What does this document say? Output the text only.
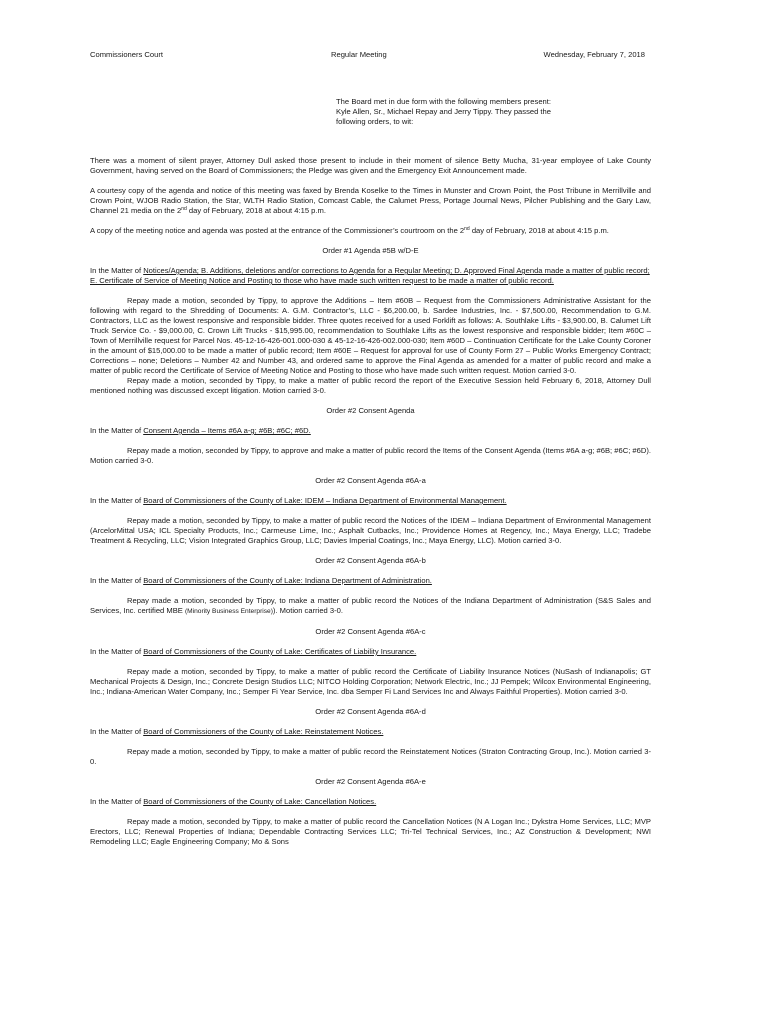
Commissioners Court	Regular Meeting	Wednesday, February 7, 2018
The Board met in due form with the following members present: Kyle Allen, Sr., Michael Repay and Jerry Tippy. They passed the following orders, to wit:

There was a moment of silent prayer, Attorney Dull asked those present to include in their moment of silence Betty Mucha, 31-year employee of Lake County Government, having served on the Board of Commissioners; the Pledge was given and the Emergency Exit Announcement made.

A courtesy copy of the agenda and notice of this meeting was faxed by Brenda Koselke to the Times in Munster and Crown Point, the Post Tribune in Merrillville and Crown Point, WJOB Radio Station, the Star, WLTH Radio Station, Comcast Cable, the Calumet Press, Portage Journal News, Pilcher Publishing and the Gary Law, Channel 21 media on the 2nd day of February, 2018 at about 4:15 p.m.

A copy of the meeting notice and agenda was posted at the entrance of the Commissioner’s courtroom on the 2nd day of February, 2018 at about 4:15 p.m.

Order #1 Agenda #5B w/D-E

In the Matter of Notices/Agenda; B. Additions, deletions and/or corrections to Agenda for a Regular Meeting; D. Approved Final Agenda made a matter of public record; E. Certificate of Service of Meeting Notice and Posting to those who have made such written request to be made a matter of public record.

Repay made a motion, seconded by Tippy, to approve the Additions – Item #60B – Request from the Commissioners Administrative Assistant for the following with regard to the Shredding of Documents: A. G.M. Contractor’s, LLC - $6,200.00, b. Sardee Industries, Inc. - $7,500.00, Recommendation to G.M. Contractors, LLC as the lowest responsive and responsible bidder. Three quotes received for a used Forklift as follows: A. Southlake Lifts - $3,900.00, B. Calumet Lift Truck Service Co. - $9,000.00, C. Crown Lift Trucks - $15,995.00, recommendation to Southlake Lifts as the lowest responsive and responsible bidder; Item #60C – Town of Merrillville request for Parcel Nos. 45-12-16-426-001.000-030 & 45-12-16-426-002.000-030; Item #60D – Continuation Certificate for the Lake County Coroner in the amount of $15,000.00 to be made a matter of public record; Item #60E – Request for approval for use of County Form 27 – Public Works Emergency Contract; Corrections – none; Deletions – Number 42 and Number 43, and ordered same to approve the Final Agenda as amended for a matter of public record and make a matter of public record the Certificate of Service of Meeting Notice and Posting to those who have made such written request. Motion carried 3-0.

Repay made a motion, seconded by Tippy, to make a matter of public record the report of the Executive Session held February 6, 2018, Attorney Dull mentioned nothing was discussed except litigation. Motion carried 3-0.

Order #2 Consent Agenda

In the Matter of Consent Agenda – Items #6A a-g; #6B; #6C; #6D.

Repay made a motion, seconded by Tippy, to approve and make a matter of public record the Items of the Consent Agenda (Items #6A a-g; #6B; #6C; #6D). Motion carried 3-0.

Order #2 Consent Agenda #6A-a

In the Matter of Board of Commissioners of the County of Lake: IDEM – Indiana Department of Environmental Management.

Repay made a motion, seconded by Tippy, to make a matter of public record the Notices of the IDEM – Indiana Department of Environmental Management (ArcelorMittal USA; ICL Specialty Products, Inc.; Carmeuse Lime, Inc.; Asphalt Cutbacks, Inc.; Providence Homes at Regency, Inc.; Maya Energy, LLC; Tradebe Treatment & Recycling, LLC; Vision Integrated Graphics Group, LLC; Davies Imperial Coatings, Inc.; Maya Energy, LLC). Motion carried 3-0.

Order #2 Consent Agenda #6A-b

In the Matter of Board of Commissioners of the County of Lake: Indiana Department of Administration.

Repay made a motion, seconded by Tippy, to make a matter of public record the Notices of the Indiana Department of Administration (S&S Sales and Services, Inc. certified MBE (Minority Business Enterprise)). Motion carried 3-0.

Order #2 Consent Agenda #6A-c

In the Matter of Board of Commissioners of the County of Lake: Certificates of Liability Insurance.

Repay made a motion, seconded by Tippy, to make a matter of public record the Certificate of Liability Insurance Notices (NuSash of Indianapolis; GT Mechanical Projects & Design, Inc.; Concrete Design Studios LLC; NITCO Holding Corporation; Network Electric, Inc.; JJ Pempek; Wilcox Environmental Engineering, Inc.; Indiana-American Water Company, Inc.; Semper Fi Year Service, Inc. dba Semper Fi Land Services Inc and Always Faithful Properties). Motion carried 3-0.

Order #2 Consent Agenda #6A-d

In the Matter of Board of Commissioners of the County of Lake: Reinstatement Notices.

Repay made a motion, seconded by Tippy, to make a matter of public record the Reinstatement Notices (Straton Contracting Group, Inc.). Motion carried 3-0.

Order #2 Consent Agenda #6A-e

In the Matter of Board of Commissioners of the County of Lake: Cancellation Notices.

Repay made a motion, seconded by Tippy, to make a matter of public record the Cancellation Notices (N A Logan Inc.; Dykstra Home Services, LLC; MVP Erectors, LLC; Renewal Properties of Indiana; Dependable Contracting Services LLC; Tri-Tel Technical Services, Inc.; AZ Construction & Development; NWI Remodeling LLC; Eagle Engineering Company; Mo & Sons
